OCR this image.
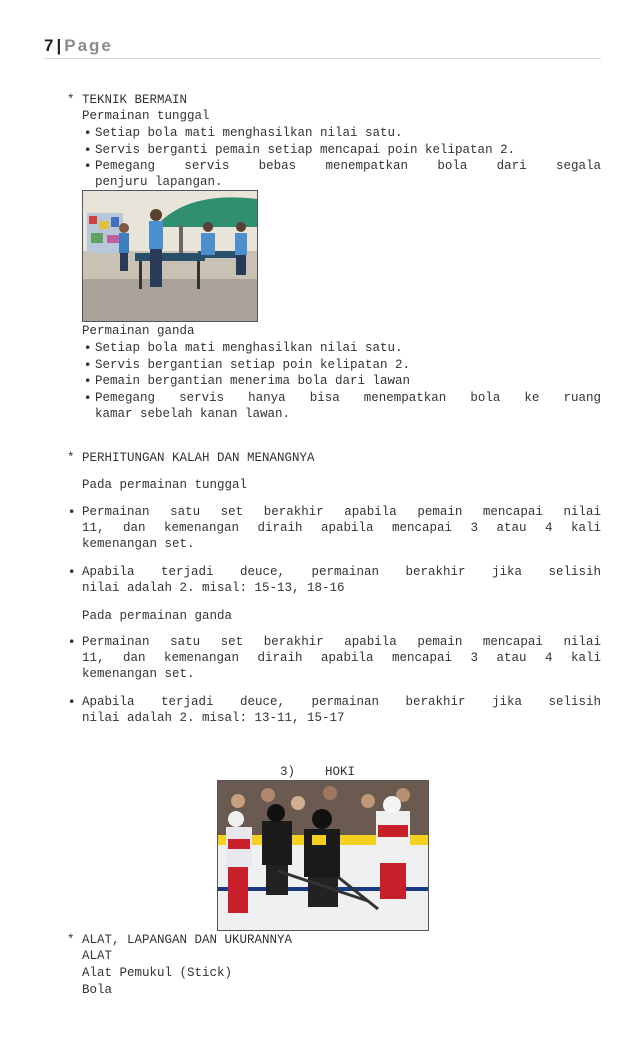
7 | Page
* TEKNIK BERMAIN
Permainan tunggal
• Setiap bola mati menghasilkan nilai satu.
• Servis berganti pemain setiap mencapai poin kelipatan 2.
• Pemegang servis bebas menempatkan bola dari segala
penjuru lapangan.
Permainan ganda
• Setiap bola mati menghasilkan nilai satu.
• Servis bergantian setiap poin kelipatan 2.
• Pemain bergantian menerima bola dari lawan
• Pemegang servis hanya bisa menempatkan bola ke ruang
kamar sebelah kanan lawan.
* PERHITUNGAN KALAH DAN MENANGNYA
Pada permainan tunggal
• Permainan satu set berakhir apabila pemain mencapai nilai
11, dan kemenangan diraih apabila mencapai 3 atau 4 kali
kemenangan set.
• Apabila terjadi deuce, permainan berakhir jika selisih
nilai adalah 2. misal: 15-13, 18-16
Pada permainan ganda
• Permainan satu set berakhir apabila pemain mencapai nilai
11, dan kemenangan diraih apabila mencapai 3 atau 4 kali
kemenangan set.
• Apabila terjadi deuce, permainan berakhir jika selisih
nilai adalah 2. misal: 13-11, 15-17
3)    HOKI
* ALAT, LAPANGAN DAN UKURANNYA
ALAT
Alat Pemukul (Stick)
Bola
